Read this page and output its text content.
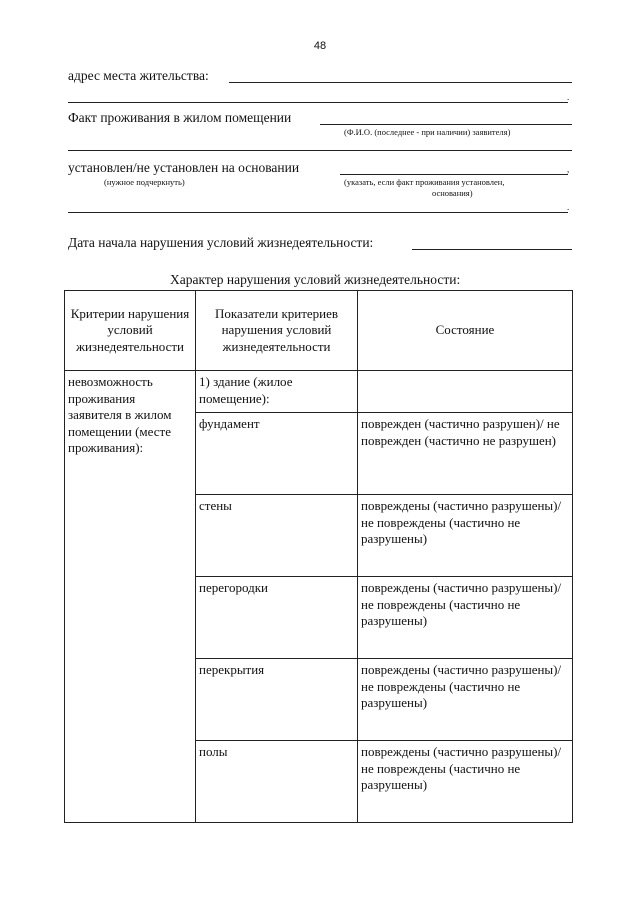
48
адрес места жительства:
.
Факт проживания в жилом помещении
(Ф.И.О. (последнее - при наличии) заявителя)
установлен/не установлен на основании	,
(нужное подчеркнуть)	(указать, если факт проживания установлен,
основания)
.
Дата начала нарушения условий жизнедеятельности:
Характер нарушения условий жизнедеятельности:
Критерии нарушения условий жизнедеятельности	Показатели критериев нарушения условий жизнедеятельности	Состояние
невозможность проживания заявителя в жилом помещении (месте проживания):	1) здание (жилое помещение):	
	фундамент	поврежден (частично разрушен)/ не поврежден (частично не разрушен)
	стены	повреждены (частично разрушены)/ не повреждены (частично не разрушены)
	перегородки	повреждены (частично разрушены)/ не повреждены (частично не разрушены)
	перекрытия	повреждены (частично разрушены)/ не повреждены (частично не разрушены)
	полы	повреждены (частично разрушены)/ не повреждены (частично не разрушены)
